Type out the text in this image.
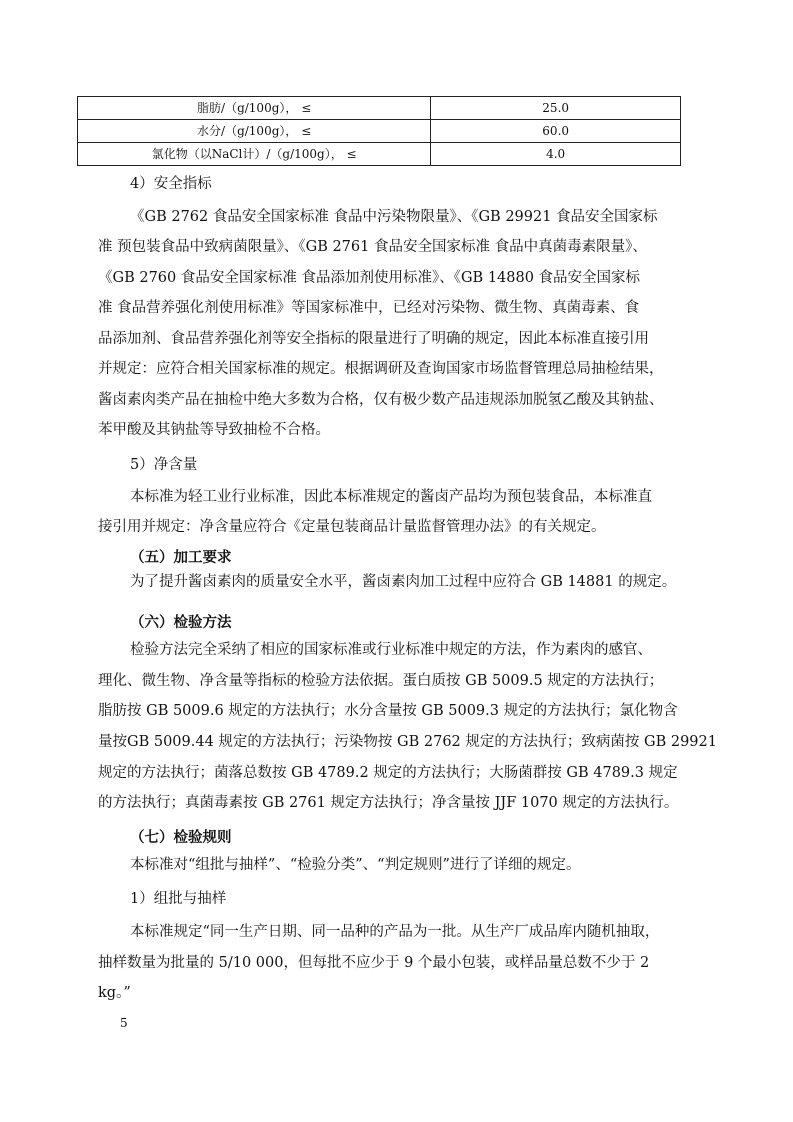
脂肪/（g/100g）， ≤	25.0
水分/（g/100g）， ≤	60.0
氯化物（以NaCl计）/（g/100g）， ≤	4.0
4）安全指标
《GB 2762 食品安全国家标准 食品中污染物限量》、《GB 29921 食品安全国家标
准 预包装食品中致病菌限量》、《GB 2761 食品安全国家标准 食品中真菌毒素限量》、
《GB 2760 食品安全国家标准 食品添加剂使用标准》、《GB 14880 食品安全国家标
准 食品营养强化剂使用标准》等国家标准中，已经对污染物、微生物、真菌毒素、食
品添加剂、食品营养强化剂等安全指标的限量进行了明确的规定，因此本标准直接引用
并规定：应符合相关国家标准的规定。根据调研及查询国家市场监督管理总局抽检结果，
酱卤素肉类产品在抽检中绝大多数为合格，仅有极少数产品违规添加脱氢乙酸及其钠盐、
苯甲酸及其钠盐等导致抽检不合格。
5）净含量
本标准为轻工业行业标准，因此本标准规定的酱卤产品均为预包装食品，本标准直
接引用并规定：净含量应符合《定量包装商品计量监督管理办法》的有关规定。
（五）加工要求
为了提升酱卤素肉的质量安全水平，酱卤素肉加工过程中应符合 GB 14881 的规定。
（六）检验方法
检验方法完全采纳了相应的国家标准或行业标准中规定的方法，作为素肉的感官、
理化、微生物、净含量等指标的检验方法依据。蛋白质按 GB 5009.5 规定的方法执行；
脂肪按 GB 5009.6 规定的方法执行；水分含量按 GB 5009.3 规定的方法执行；氯化物含
量按GB 5009.44 规定的方法执行；污染物按 GB 2762 规定的方法执行；致病菌按 GB 29921
规定的方法执行；菌落总数按 GB 4789.2 规定的方法执行；大肠菌群按 GB 4789.3 规定
的方法执行；真菌毒素按 GB 2761 规定方法执行；净含量按 JJF 1070 规定的方法执行。
（七）检验规则
本标准对“组批与抽样”、“检验分类”、“判定规则”进行了详细的规定。
1）组批与抽样
本标准规定“同一生产日期、同一品种的产品为一批。从生产厂成品库内随机抽取，
抽样数量为批量的 5/10 000，但每批不应少于 9 个最小包装，或样品量总数不少于 2
kg。”
5
